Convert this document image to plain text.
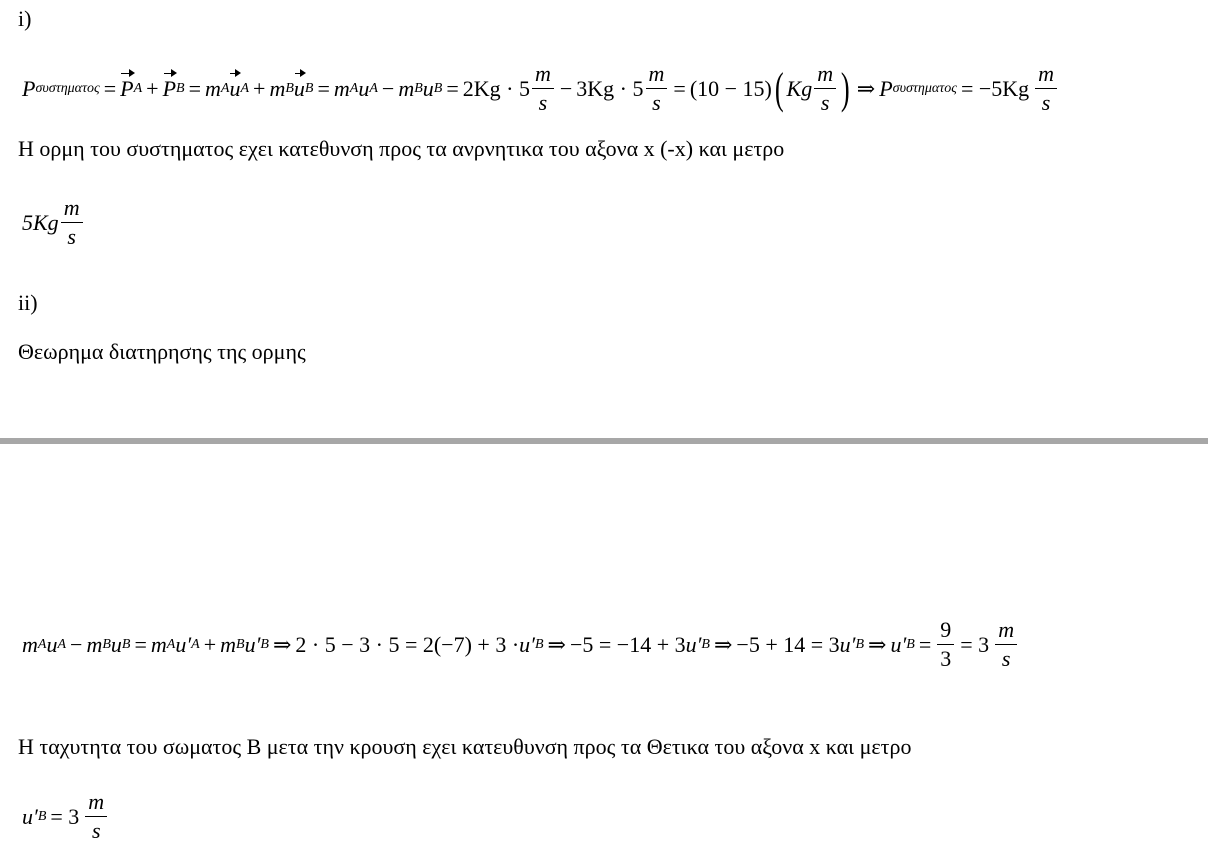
i)
P συστηματος = P A + P B = m A u A + m B u B = m A u A − m B u $B = 2Kg \cdot 5 \frac{m}{s} - 3Kg \cdot 5 \frac{m}{s} = (10 - 15)$ ( Kg $\frac{m}{s}$ ) ⇒ P $\sigma\upsilon\sigma\tau\eta\mu\alpha\tau o\varsigma = -5Kg \frac{m}{s}$
Η ορμη του συστηματος εχει κατεθυνση προς τα ανρνητικα του αξονα x (-x) και μετρο
$5Kg \frac{m}{s}$
ii)
Θεωρημα διατηρησης της ορμης
m A u A − m B u B = m A u′ A + m B u′ B ⇒ 2 · 5 − 3 · 5 = 2(−7) + 3 · u′ B ⇒ −5 = −14 + 3 u′ B ⇒ −5 + 14 = 3 u′ B ⇒ u′ $B = \frac{9}{3} = 3 \frac{m}{s}$
Η ταχυτητα του σωματος Β μετα την κρουση εχει κατευθυνση προς τα Θετικα του αξονα x και μετρο
u′ $B = 3 \frac{m}{s}$
